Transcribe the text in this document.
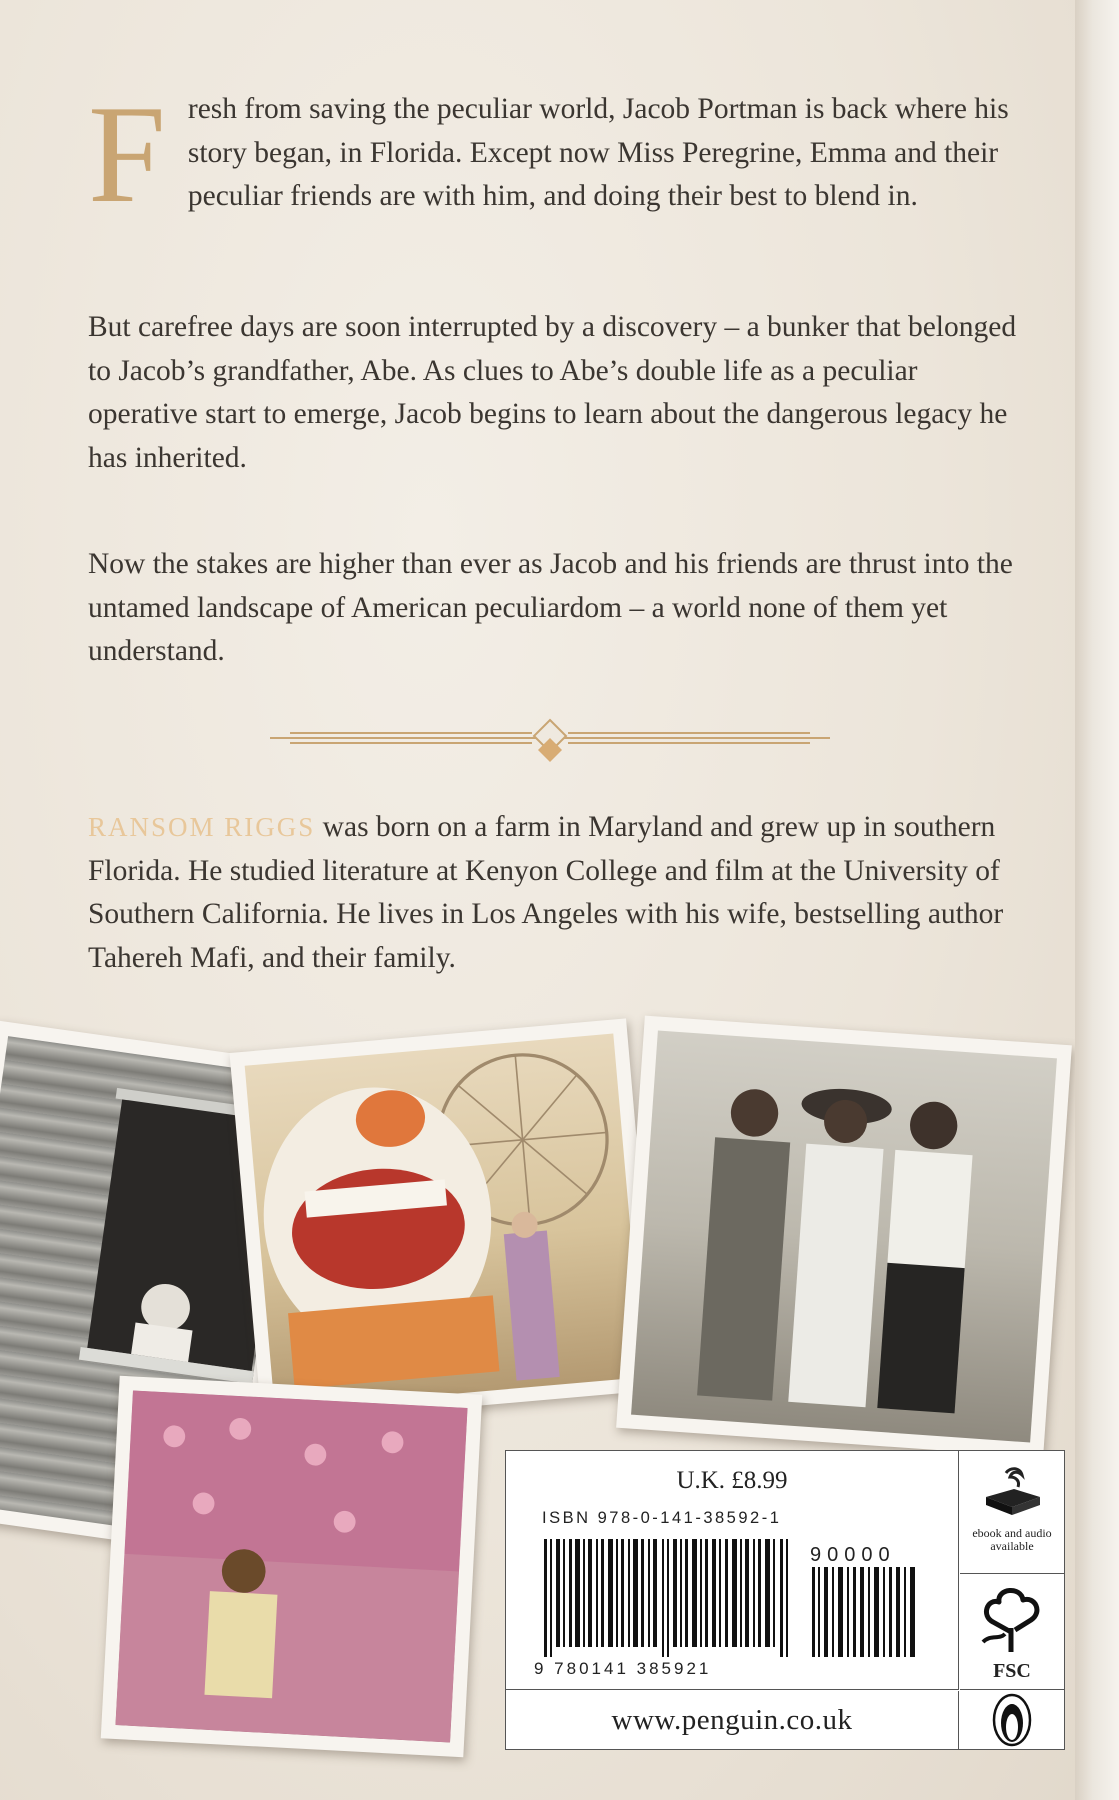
Fresh from saving the peculiar world, Jacob Portman is back where his story began, in Florida. Except now Miss Peregrine, Emma and their peculiar friends are with him, and doing their best to blend in.

But carefree days are soon interrupted by a discovery – a bunker that belonged to Jacob’s grandfather, Abe. As clues to Abe’s double life as a peculiar operative start to emerge, Jacob begins to learn about the dangerous legacy he has inherited.

Now the stakes are higher than ever as Jacob and his friends are thrust into the untamed landscape of American peculiardom – a world none of them yet understand.

RANSOM RIGGS was born on a farm in Maryland and grew up in southern Florida. He studied literature at Kenyon College and film at the University of Southern California. He lives in Los Angeles with his wife, bestselling author Tahereh Mafi, and their family.

U.K. £8.99
ISBN 978-0-141-38592-1
90000
9 780141 385921
ebook and audio available
FSC
www.penguin.co.uk
